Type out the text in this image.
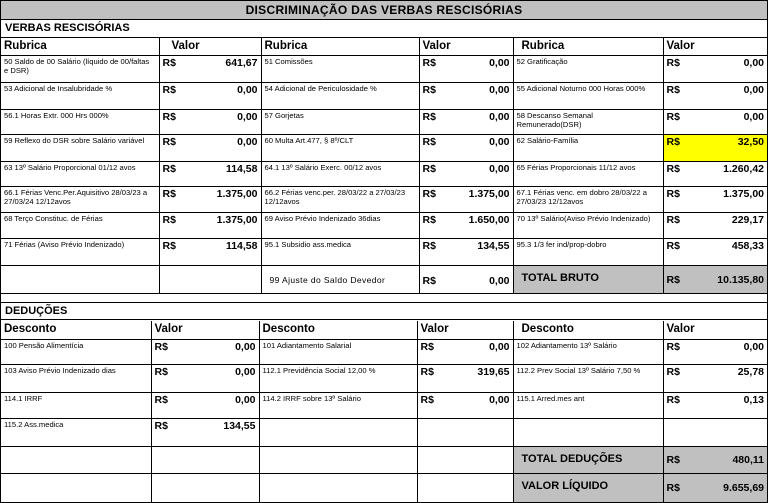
DISCRIMINAÇÃO DAS VERBAS RESCISÓRIAS
VERBAS RESCISÓRIAS
Rubrica	Valor	Rubrica	Valor	Rubrica	Valor
50 Saldo de 00 Salário (líquido de 00/faltas e DSR)	R$ 641,67	51 Comissões	R$ 0,00	52 Gratificação	R$ 0,00

53 Adicional de Insalubridade %	R$ 0,00	54 Adicional de Periculosidade %	R$ 0,00	55 Adicional Noturno 000 Horas 000%	R$ 0,00

56.1 Horas Extr. 000 Hrs 000%	R$ 0,00	57 Gorjetas	R$ 0,00	58 Descanso Semanal Remunerado(DSR)	R$ 0,00

59 Reflexo do DSR sobre Salário variável	R$ 0,00	60 Multa Art.477, § 8º/CLT	R$ 0,00	62 Salário-Família	R$ 32,50

63 13º Salário Proporcional 01/12 avos	R$ 114,58	64.1 13º Salário Exerc. 00/12 avos	R$ 0,00	65 Férias Proporcionais 11/12 avos	R$ 1.260,42

66.1 Férias Venc.Per.Aquisitivo 28/03/23 a 27/03/24 12/12avos	R$ 1.375,00	66.2 Férias venc.per. 28/03/22 a 27/03/23 12/12avos	R$ 1.375,00	67.1 Férias venc. em dobro 28/03/22 a 27/03/23 12/12avos	R$ 1.375,00

68 Terço Constituc. de Férias	R$ 1.375,00	69 Aviso Prévio Indenizado 36dias	R$ 1.650,00	70 13º Salário(Aviso Prévio Indenizado)	R$ 229,17

71 Férias (Aviso Prévio Indenizado)	R$ 114,58	95.1 Subsidio ass.medica	R$ 134,55	95.3 1/3 fer ind/prop-dobro	R$ 458,33

		99 Ajuste do Saldo Devedor	R$ 0,00	TOTAL BRUTO	R$ 10.135,80
DEDUÇÕES
Desconto	Valor	Desconto	Valor	Desconto	Valor
100 Pensão Alimentícia	R$ 0,00	101 Adiantamento Salarial	R$ 0,00	102 Adiantamento 13º Salário	R$ 0,00

103 Aviso Prévio Indenizado dias	R$ 0,00	112.1 Previdência Social 12,00 %	R$ 319,65	112.2 Prev Social 13º Salário 7,50 %	R$ 25,78

114.1 IRRF	R$ 0,00	114.2 IRRF sobre 13º Salário	R$ 0,00	115.1 Arred.mes ant	R$ 0,13

115.2 Ass.medica	R$ 134,55				

				TOTAL DEDUÇÕES	R$ 480,11

				VALOR LÍQUIDO	R$ 9.655,69
